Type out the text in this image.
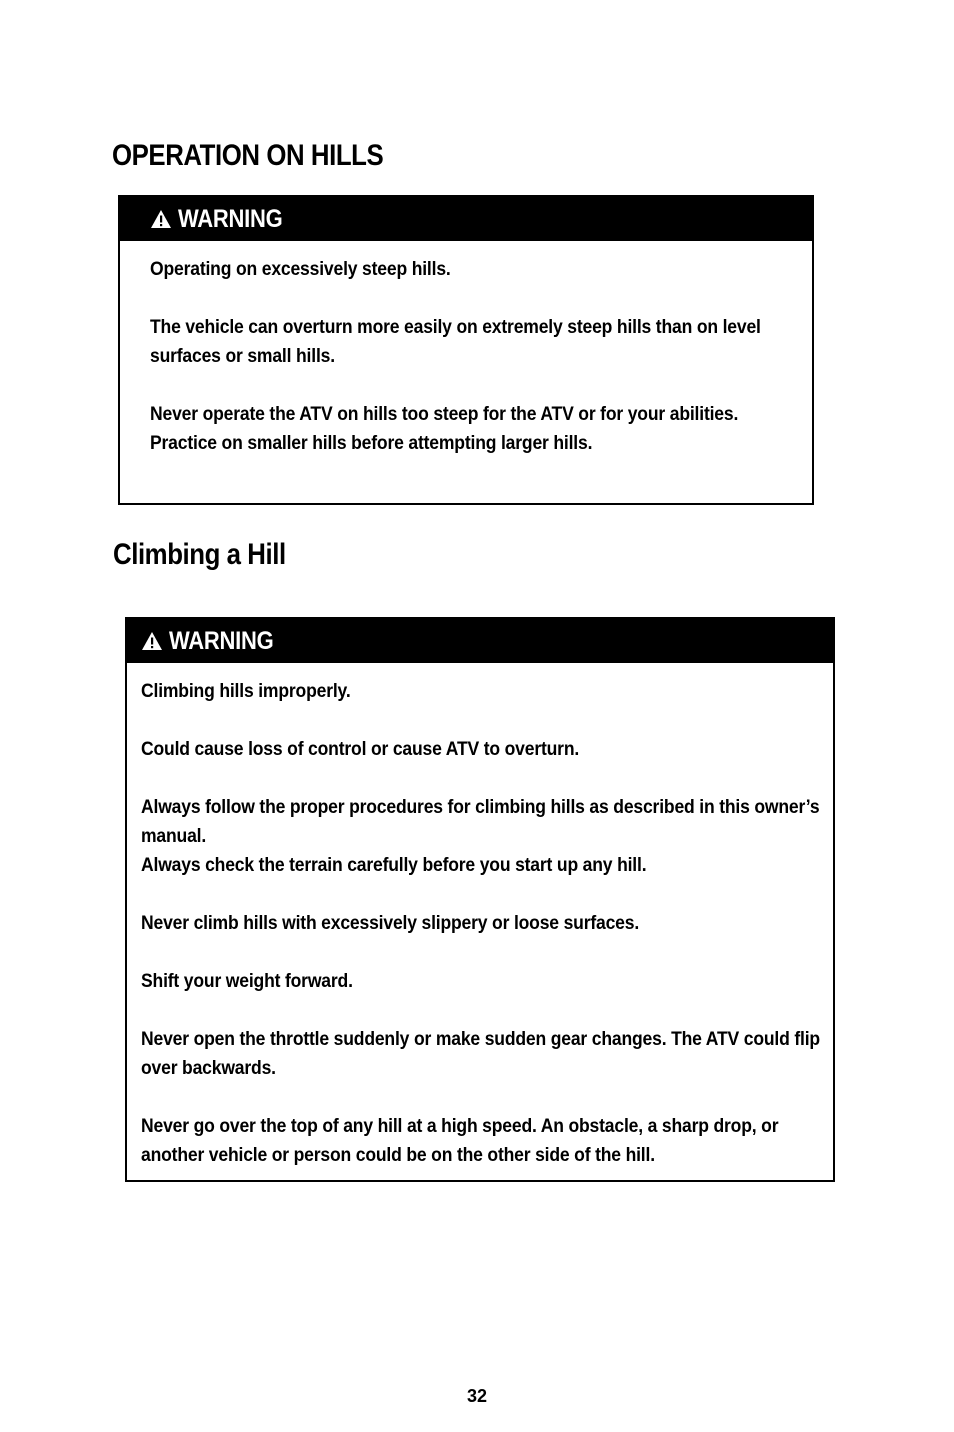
OPERATION ON HILLS
WARNING

Operating on excessively steep hills.

The vehicle can overturn more easily on extremely steep hills than on level surfaces or small hills.

Never operate the ATV on hills too steep for the ATV or for your abilities.

Practice on smaller hills before attempting larger hills.

Climbing a Hill
WARNING

Climbing hills improperly.

Could cause loss of control or cause ATV to overturn.

Always follow the proper procedures for climbing hills as described in this owner’s manual.

Always check the terrain carefully before you start up any hill.

Never climb hills with excessively slippery or loose surfaces.

Shift your weight forward.

Never open the throttle suddenly or make sudden gear changes. The ATV could flip over backwards.

Never go over the top of any hill at a high speed. An obstacle, a sharp drop, or another vehicle or person could be on the other side of the hill.

32
